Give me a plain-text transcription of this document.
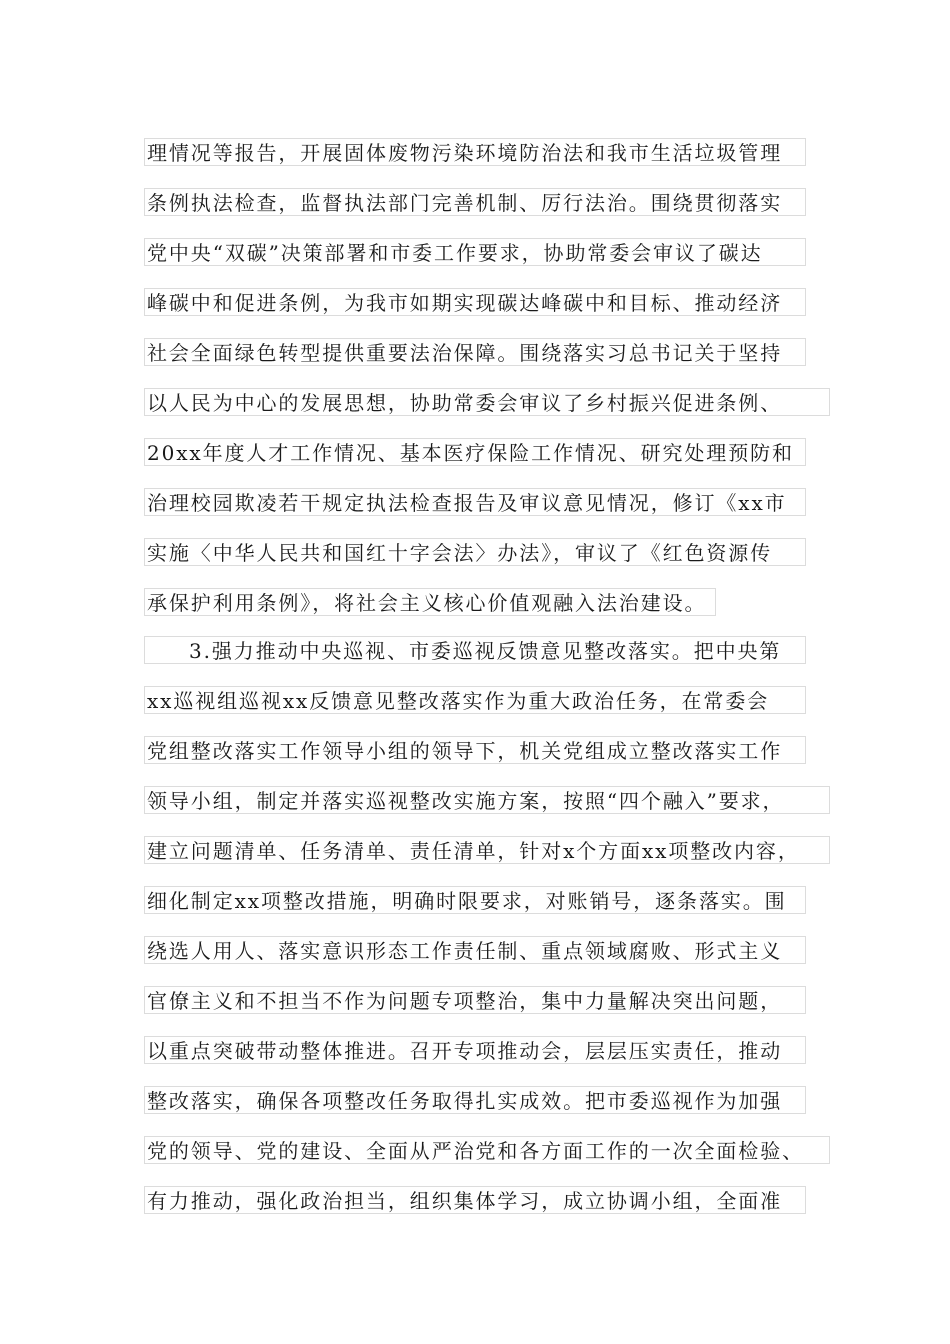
理情况等报告，开展固体废物污染环境防治法和我市生活垃圾管理
条例执法检查，监督执法部门完善机制、厉行法治。围绕贯彻落实
党中央“双碳”决策部署和市委工作要求，协助常委会审议了碳达
峰碳中和促进条例，为我市如期实现碳达峰碳中和目标、推动经济
社会全面绿色转型提供重要法治保障。围绕落实习总书记关于坚持
以人民为中心的发展思想，协助常委会审议了乡村振兴促进条例、
20xx年度人才工作情况、基本医疗保险工作情况、研究处理预防和
治理校园欺凌若干规定执法检查报告及审议意见情况，修订《xx市
实施〈中华人民共和国红十字会法〉办法》，审议了《红色资源传
承保护利用条例》，将社会主义核心价值观融入法治建设。
3.强力推动中央巡视、市委巡视反馈意见整改落实。把中央第
xx巡视组巡视xx反馈意见整改落实作为重大政治任务，在常委会
党组整改落实工作领导小组的领导下，机关党组成立整改落实工作
领导小组，制定并落实巡视整改实施方案，按照“四个融入”要求，
建立问题清单、任务清单、责任清单，针对x个方面xx项整改内容，
细化制定xx项整改措施，明确时限要求，对账销号，逐条落实。围
绕选人用人、落实意识形态工作责任制、重点领域腐败、形式主义
官僚主义和不担当不作为问题专项整治，集中力量解决突出问题，
以重点突破带动整体推进。召开专项推动会，层层压实责任，推动
整改落实，确保各项整改任务取得扎实成效。把市委巡视作为加强
党的领导、党的建设、全面从严治党和各方面工作的一次全面检验、
有力推动，强化政治担当，组织集体学习，成立协调小组，全面准
